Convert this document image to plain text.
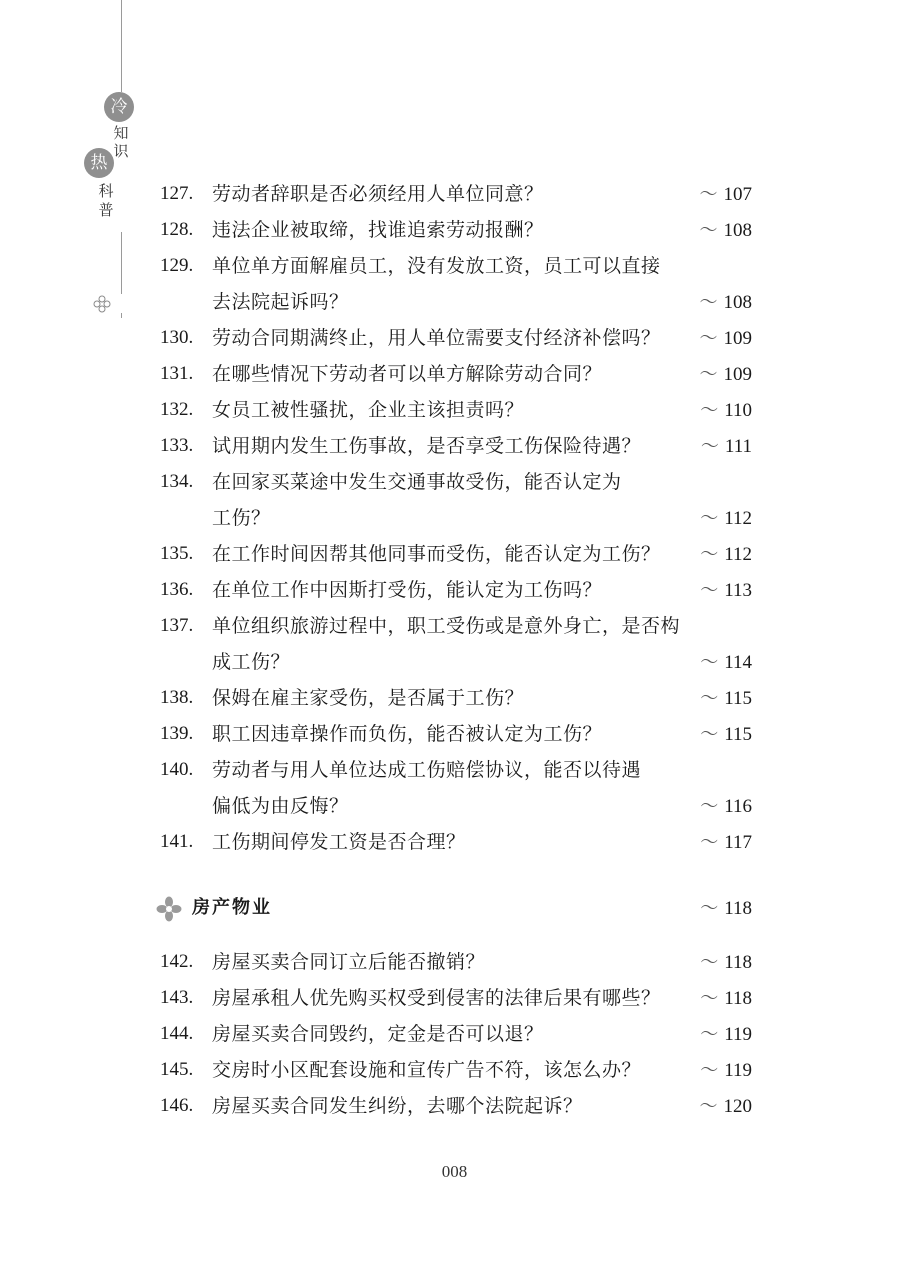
冷
知
识
热
科
普
127. 劳动者辞职是否必须经用人单位同意？	～ 107
128. 违法企业被取缔，找谁追索劳动报酬？	～ 108
129. 单位单方面解雇员工，没有发放工资，员工可以直接
去法院起诉吗？	～ 108
130. 劳动合同期满终止，用人单位需要支付经济补偿吗？ ～ 109
131. 在哪些情况下劳动者可以单方解除劳动合同？	～ 109
132. 女员工被性骚扰，企业主该担责吗？	～ 110
133. 试用期内发生工伤事故，是否享受工伤保险待遇？	～ 111
134. 在回家买菜途中发生交通事故受伤，能否认定为
工伤？	～ 112
135. 在工作时间因帮其他同事而受伤，能否认定为工伤？ ～ 112
136. 在单位工作中因斯打受伤，能认定为工伤吗？	～ 113
137. 单位组织旅游过程中，职工受伤或是意外身亡，是否构
成工伤？	～ 114
138. 保姆在雇主家受伤，是否属于工伤？	～ 115
139. 职工因违章操作而负伤，能否被认定为工伤？	～ 115
140. 劳动者与用人单位达成工伤赔偿协议，能否以待遇
偏低为由反悔？	～ 116
141. 工伤期间停发工资是否合理？	～ 117
房产物业	～ 118
142. 房屋买卖合同订立后能否撤销？	～ 118
143. 房屋承租人优先购买权受到侵害的法律后果有哪些？ ～ 118
144. 房屋买卖合同毁约，定金是否可以退？	～ 119
145. 交房时小区配套设施和宣传广告不符，该怎么办？	～ 119
146. 房屋买卖合同发生纠纷，去哪个法院起诉？	～ 120
008
